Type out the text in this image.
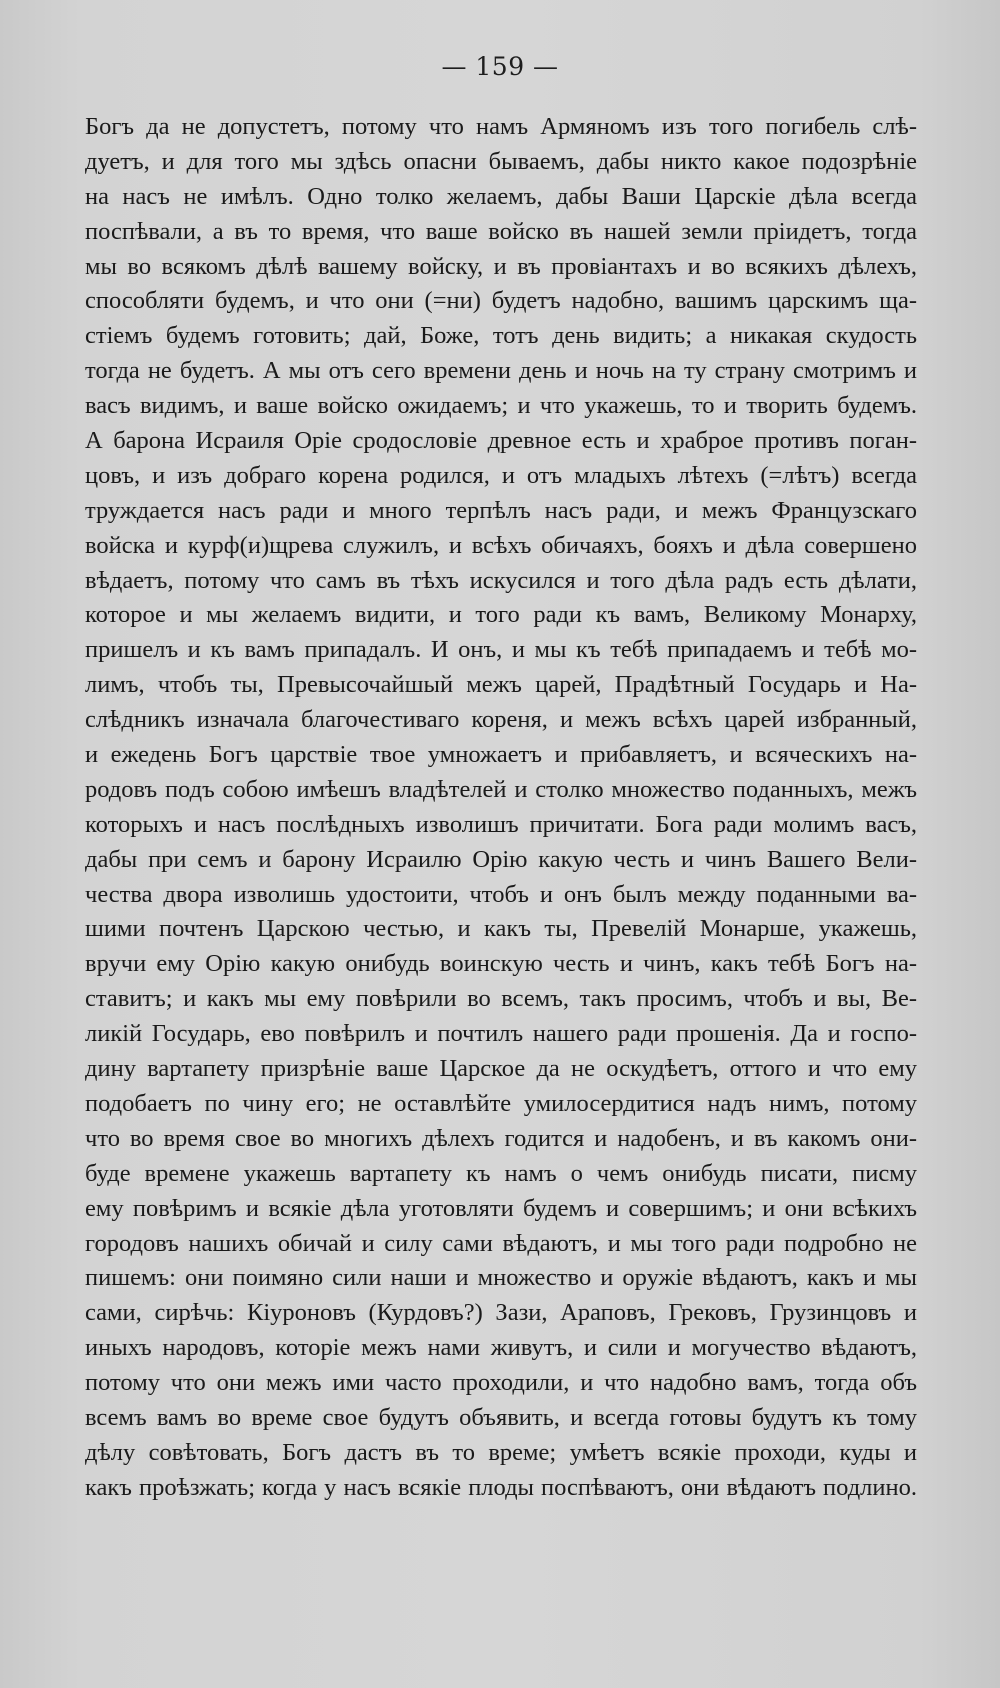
— 159 —
Богъ да не допустетъ, потому что намъ Армяномъ изъ того погибель слѣ-
дуетъ, и для того мы здѣсь опасни бываемъ, дабы никто какое подозрѣніе
на насъ не имѣлъ. Одно толко желаемъ, дабы Ваши Царскіе дѣла всегда
поспѣвали, а въ то время, что ваше войско въ нашей земли пріидетъ, тогда
мы во всякомъ дѣлѣ вашему войску, и въ провіантахъ и во всякихъ дѣлехъ,
способляти будемъ, и что они (=ни) будетъ надобно, вашимъ царскимъ ща-
стіемъ будемъ готовить; дай, Боже, тотъ день видить; а никакая скудость
тогда не будетъ. А мы отъ сего времени день и ночь на ту страну смотримъ и
васъ видимъ, и ваше войско ожидаемъ; и что укажешь, то и творить будемъ.
А барона Исраиля Оріе сродословіе древное есть и храброе противъ поган-
цовъ, и изъ добраго корена родился, и отъ младыхъ лѣтехъ (=лѣтъ) всегда
труждается насъ ради и много терпѣлъ насъ ради, и межъ Французскаго
войска и курф(и)щрева служилъ, и всѣхъ обичаяхъ, бояхъ и дѣла совершено
вѣдаетъ, потому что самъ въ тѣхъ искусился и того дѣла радъ есть дѣлати,
которое и мы желаемъ видити, и того ради къ вамъ, Великому Монарху,
пришелъ и къ вамъ припадалъ. И онъ, и мы къ тебѣ припадаемъ и тебѣ мо-
лимъ, чтобъ ты, Превысочайшый межъ царей, Прадѣтный Государь и На-
слѣдникъ изначала благочестиваго кореня, и межъ всѣхъ царей избранный,
и ежедень Богъ царствіе твое умножаетъ и прибавляетъ, и всяческихъ на-
родовъ подъ собою имѣешъ владѣтелей и столко множество поданныхъ, межъ
которыхъ и насъ послѣдныхъ изволишъ причитати. Бога ради молимъ васъ,
дабы при семъ и барону Исраилю Орію какую честь и чинъ Вашего Вели-
чества двора изволишь удостоити, чтобъ и онъ былъ между поданными ва-
шими почтенъ Царскою честью, и какъ ты, Превелій Монарше, укажешь,
вручи ему Орію какую онибудь воинскую честь и чинъ, какъ тебѣ Богъ на-
ставитъ; и какъ мы ему повѣрили во всемъ, такъ просимъ, чтобъ и вы, Ве-
ликій Государь, ево повѣрилъ и почтилъ нашего ради прошенія. Да и госпо-
дину вартапету призрѣніе ваше Царское да не оскудѣетъ, оттого и что ему
подобаетъ по чину его; не оставлѣйте умилосердитися надъ нимъ, потому
что во время свое во многихъ дѣлехъ годится и надобенъ, и въ какомъ они-
буде времене укажешь вартапету къ намъ о чемъ онибудь писати, писму
ему повѣримъ и всякіе дѣла уготовляти будемъ и совершимъ; и они всѣкихъ
городовъ нашихъ обичай и силу сами вѣдаютъ, и мы того ради подробно не
пишемъ: они поимяно сили наши и множество и оружіе вѣдаютъ, какъ и мы
сами, сирѣчь: Кіуроновъ (Курдовъ?) Зази, Араповъ, Грековъ, Грузинцовъ и
иныхъ народовъ, которіе межъ нами живутъ, и сили и могучество вѣдаютъ,
потому что они межъ ими часто проходили, и что надобно вамъ, тогда объ
всемъ вамъ во време свое будутъ объявить, и всегда готовы будутъ къ тому
дѣлу совѣтовать, Богъ дастъ въ то време; умѣетъ всякіе проходи, куды и
какъ проѣзжать; когда у насъ всякіе плоды поспѣваютъ, они вѣдаютъ подлино.
